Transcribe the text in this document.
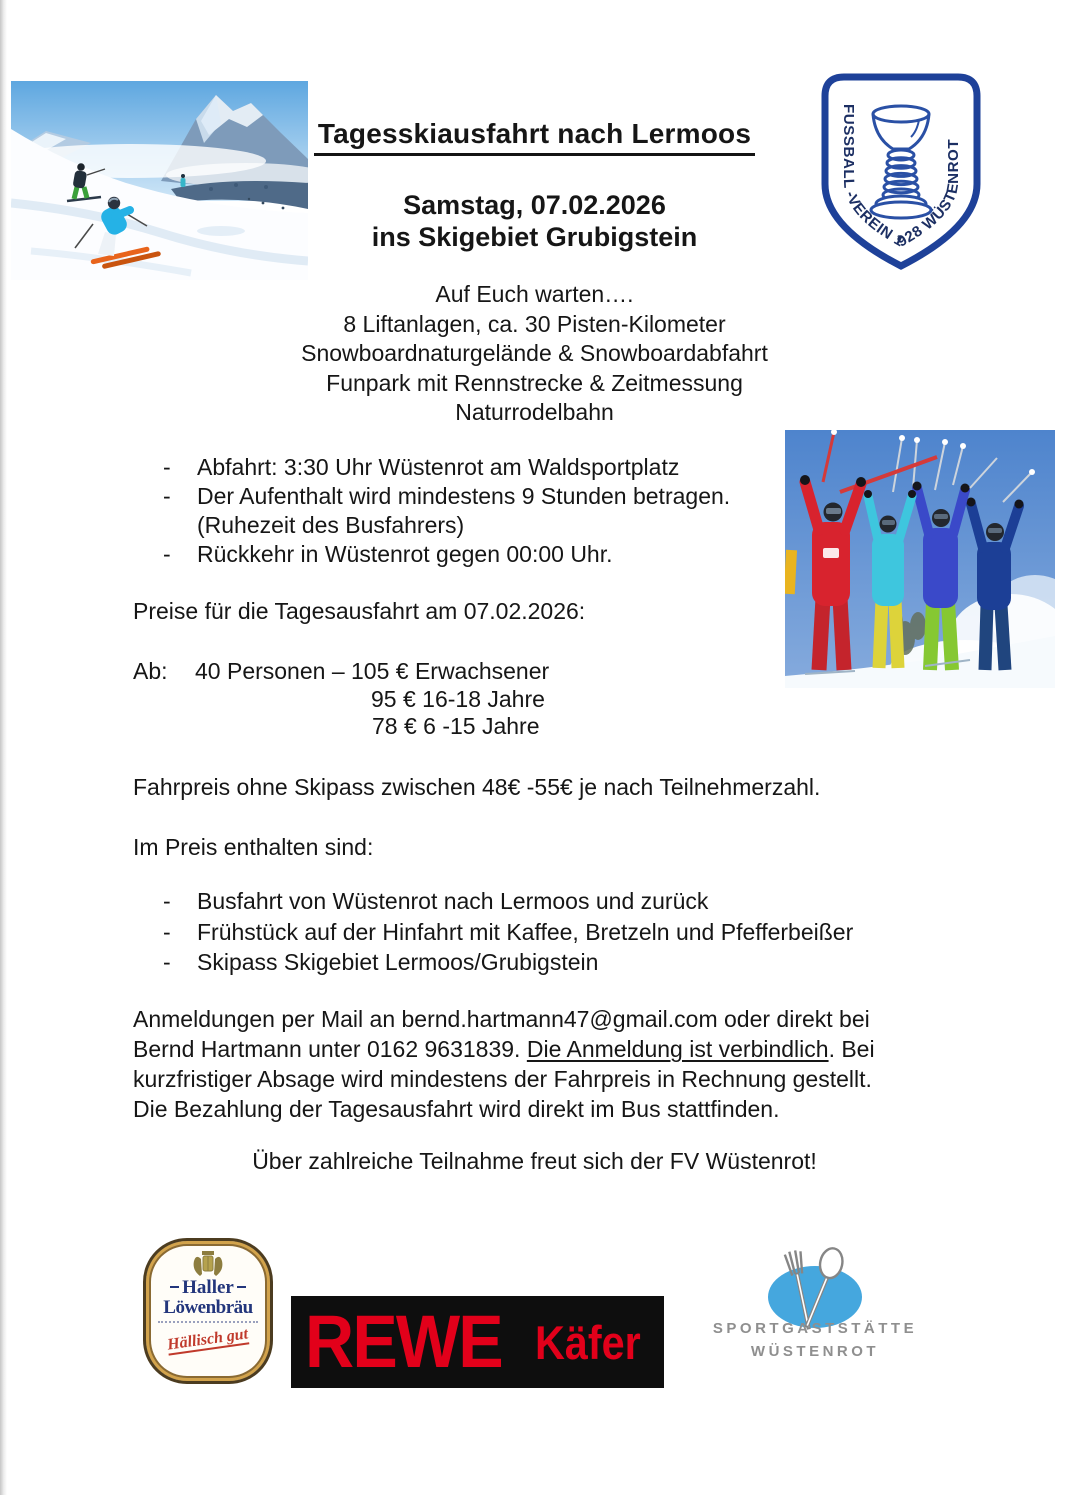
FUSSBALL -VEREIN 1928 WÜSTENROT
Tagesskiausfahrt nach Lermoos
Samstag, 07.02.2026
ins Skigebiet Grubigstein
Auf Euch warten….
8 Liftanlagen, ca. 30 Pisten-Kilometer
Snowboardnaturgelände & Snowboardabfahrt
Funpark mit Rennstrecke & Zeitmessung
Naturrodelbahn
-	Abfahrt: 3:30 Uhr Wüstenrot am Waldsportplatz
-	Der Aufenthalt wird mindestens 9 Stunden betragen.
(Ruhezeit des Busfahrers)
-	Rückkehr in Wüstenrot gegen 00:00 Uhr.
Preise für die Tagesausfahrt am 07.02.2026:
Ab: 40 Personen – 105 € Erwachsener
95 € 16-18 Jahre
78 € 6 -15 Jahre
Fahrpreis ohne Skipass zwischen 48€ -55€ je nach Teilnehmerzahl.
Im Preis enthalten sind:
-	Busfahrt von Wüstenrot nach Lermoos und zurück
-	Frühstück auf der Hinfahrt mit Kaffee, Bretzeln und Pfefferbeißer
-	Skipass Skigebiet Lermoos/Grubigstein
Anmeldungen per Mail an bernd.hartmann47@gmail.com oder direkt bei
Bernd Hartmann unter 0162 9631839. Die Anmeldung ist verbindlich. Bei
kurzfristiger Absage wird mindestens der Fahrpreis in Rechnung gestellt.
Die Bezahlung der Tagesausfahrt wird direkt im Bus stattfinden.
Über zahlreiche Teilnahme freut sich der FV Wüstenrot!
Haller
Löwenbräu
Hällisch gut REWE Käfer	SPORTGASTSTÄTTE
WÜSTENROT
